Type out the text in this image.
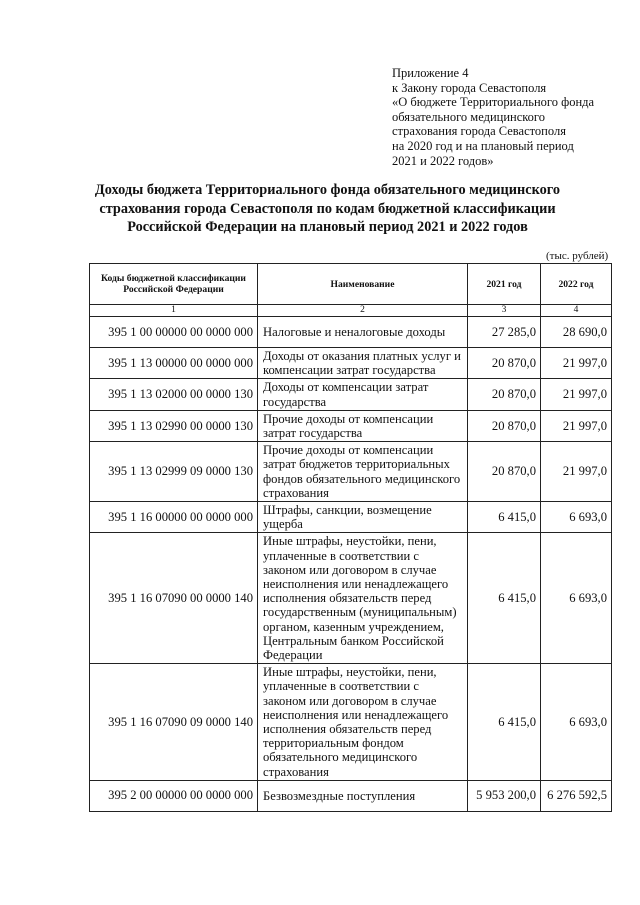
Приложение 4
к Закону города Севастополя
«О бюджете Территориального фонда
обязательного медицинского
страхования города Севастополя
на 2020 год и на плановый период
2021 и 2022 годов»
Доходы бюджета Территориального фонда обязательного медицинского
страхования города Севастополя по кодам бюджетной классификации
Российской Федерации на плановый период 2021 и 2022 годов
(тыс. рублей)
Коды бюджетной классификации Российской Федерации	Наименование	2021 год	2022 год
1	2	3	4
395 1 00 00000 00 0000 000	Налоговые и неналоговые доходы	27 285,0	28 690,0
395 1 13 00000 00 0000 000	Доходы от оказания платных услуг и компенсации затрат государства	20 870,0	21 997,0
395 1 13 02000 00 0000 130	Доходы от компенсации затрат государства	20 870,0	21 997,0
395 1 13 02990 00 0000 130	Прочие доходы от компенсации затрат государства	20 870,0	21 997,0
395 1 13 02999 09 0000 130	Прочие доходы от компенсации затрат бюджетов территориальных фондов обязательного медицинского страхования	20 870,0	21 997,0
395 1 16 00000 00 0000 000	Штрафы, санкции, возмещение ущерба	6 415,0	6 693,0
395 1 16 07090 00 0000 140	Иные штрафы, неустойки, пени, уплаченные в соответствии с законом или договором в случае неисполнения или ненадлежащего исполнения обязательств перед государственным (муниципальным) органом, казенным учреждением, Центральным банком Российской Федерации	6 415,0	6 693,0
395 1 16 07090 09 0000 140	Иные штрафы, неустойки, пени, уплаченные в соответствии с законом или договором в случае неисполнения или ненадлежащего исполнения обязательств перед территориальным фондом обязательного медицинского страхования	6 415,0	6 693,0
395 2 00 00000 00 0000 000	Безвозмездные поступления	5 953 200,0	6 276 592,5
